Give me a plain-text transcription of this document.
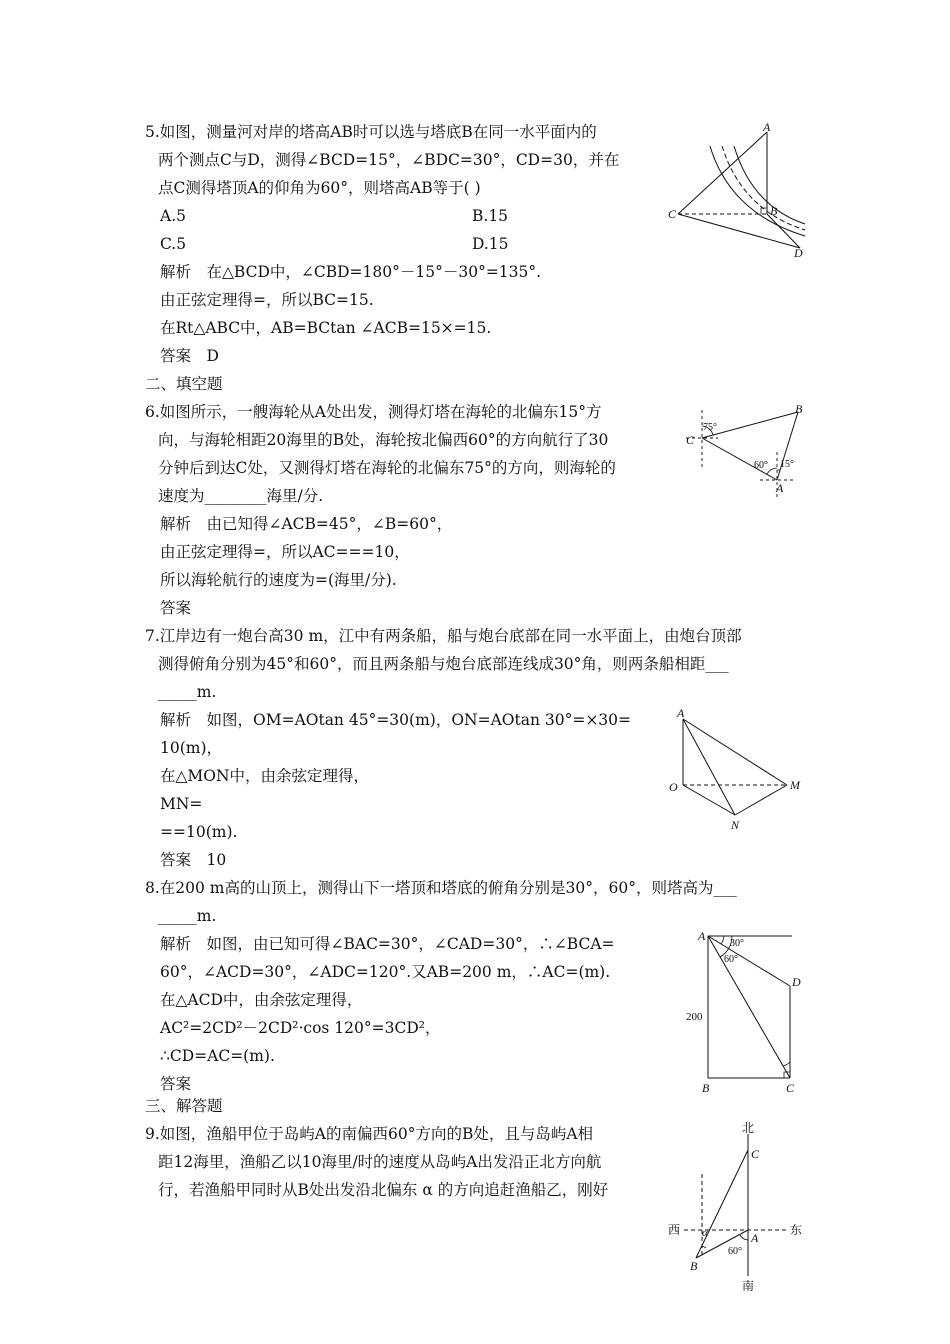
5.如图，测量河对岸的塔高AB时可以选与塔底B在同一水平面内的
两个测点C与D，测得∠BCD=15°，∠BDC=30°，CD=30，并在
点C测得塔顶A的仰角为60°，则塔高AB等于( )
A.5	B.15
C.5	D.15
解析　在△BCD中，∠CBD=180°－15°－30°=135°.
由正弦定理得=，所以BC=15.
在Rt△ABC中，AB=BCtan ∠ACB=15×=15.
答案　D
A
B
C
D
二、填空题
6.如图所示，一艘海轮从A处出发，测得灯塔在海轮的北偏东15°方
向，与海轮相距20海里的B处，海轮按北偏西60°的方向航行了30
分钟后到达C处，又测得灯塔在海轮的北偏东75°的方向，则海轮的
速度为________海里/分.
解析　由已知得∠ACB=45°，∠B=60°，
由正弦定理得=，所以AC===10，
所以海轮航行的速度为=(海里/分).
答案
B
C
A
75°
60° 15°
7.江岸边有一炮台高30 m，江中有两条船，船与炮台底部在同一水平面上，由炮台顶部
测得俯角分别为45°和60°，而且两条船与炮台底部连线成30°角，则两条船相距___
_____m.
解析　如图，OM=AOtan 45°=30(m)，ON=AOtan 30°=×30=
10(m)，
在△MON中，由余弦定理得，
MN=
==10(m).
答案　10
A
O	M
N
8.在200 m高的山顶上，测得山下一塔顶和塔底的俯角分别是30°，60°，则塔高为___
_____m.
解析　如图，由已知可得∠BAC=30°，∠CAD=30°，∴∠BCA=
60°，∠ACD=30°，∠ADC=120°.又AB=200 m，∴AC=(m).
在△ACD中，由余弦定理得，
AC²=2CD²－2CD²·cos 120°=3CD²，
∴CD=AC=(m).
答案
A
D
B	C
200
30°
60°
三、解答题
9.如图，渔船甲位于岛屿A的南偏西60°方向的B处，且与岛屿A相
距12海里，渔船乙以10海里/时的速度从岛屿A出发沿正北方向航
行，若渔船甲同时从B处出发沿北偏东 α 的方向追赶渔船乙，刚好
北
南
西	东
C
A
B
α
60°
